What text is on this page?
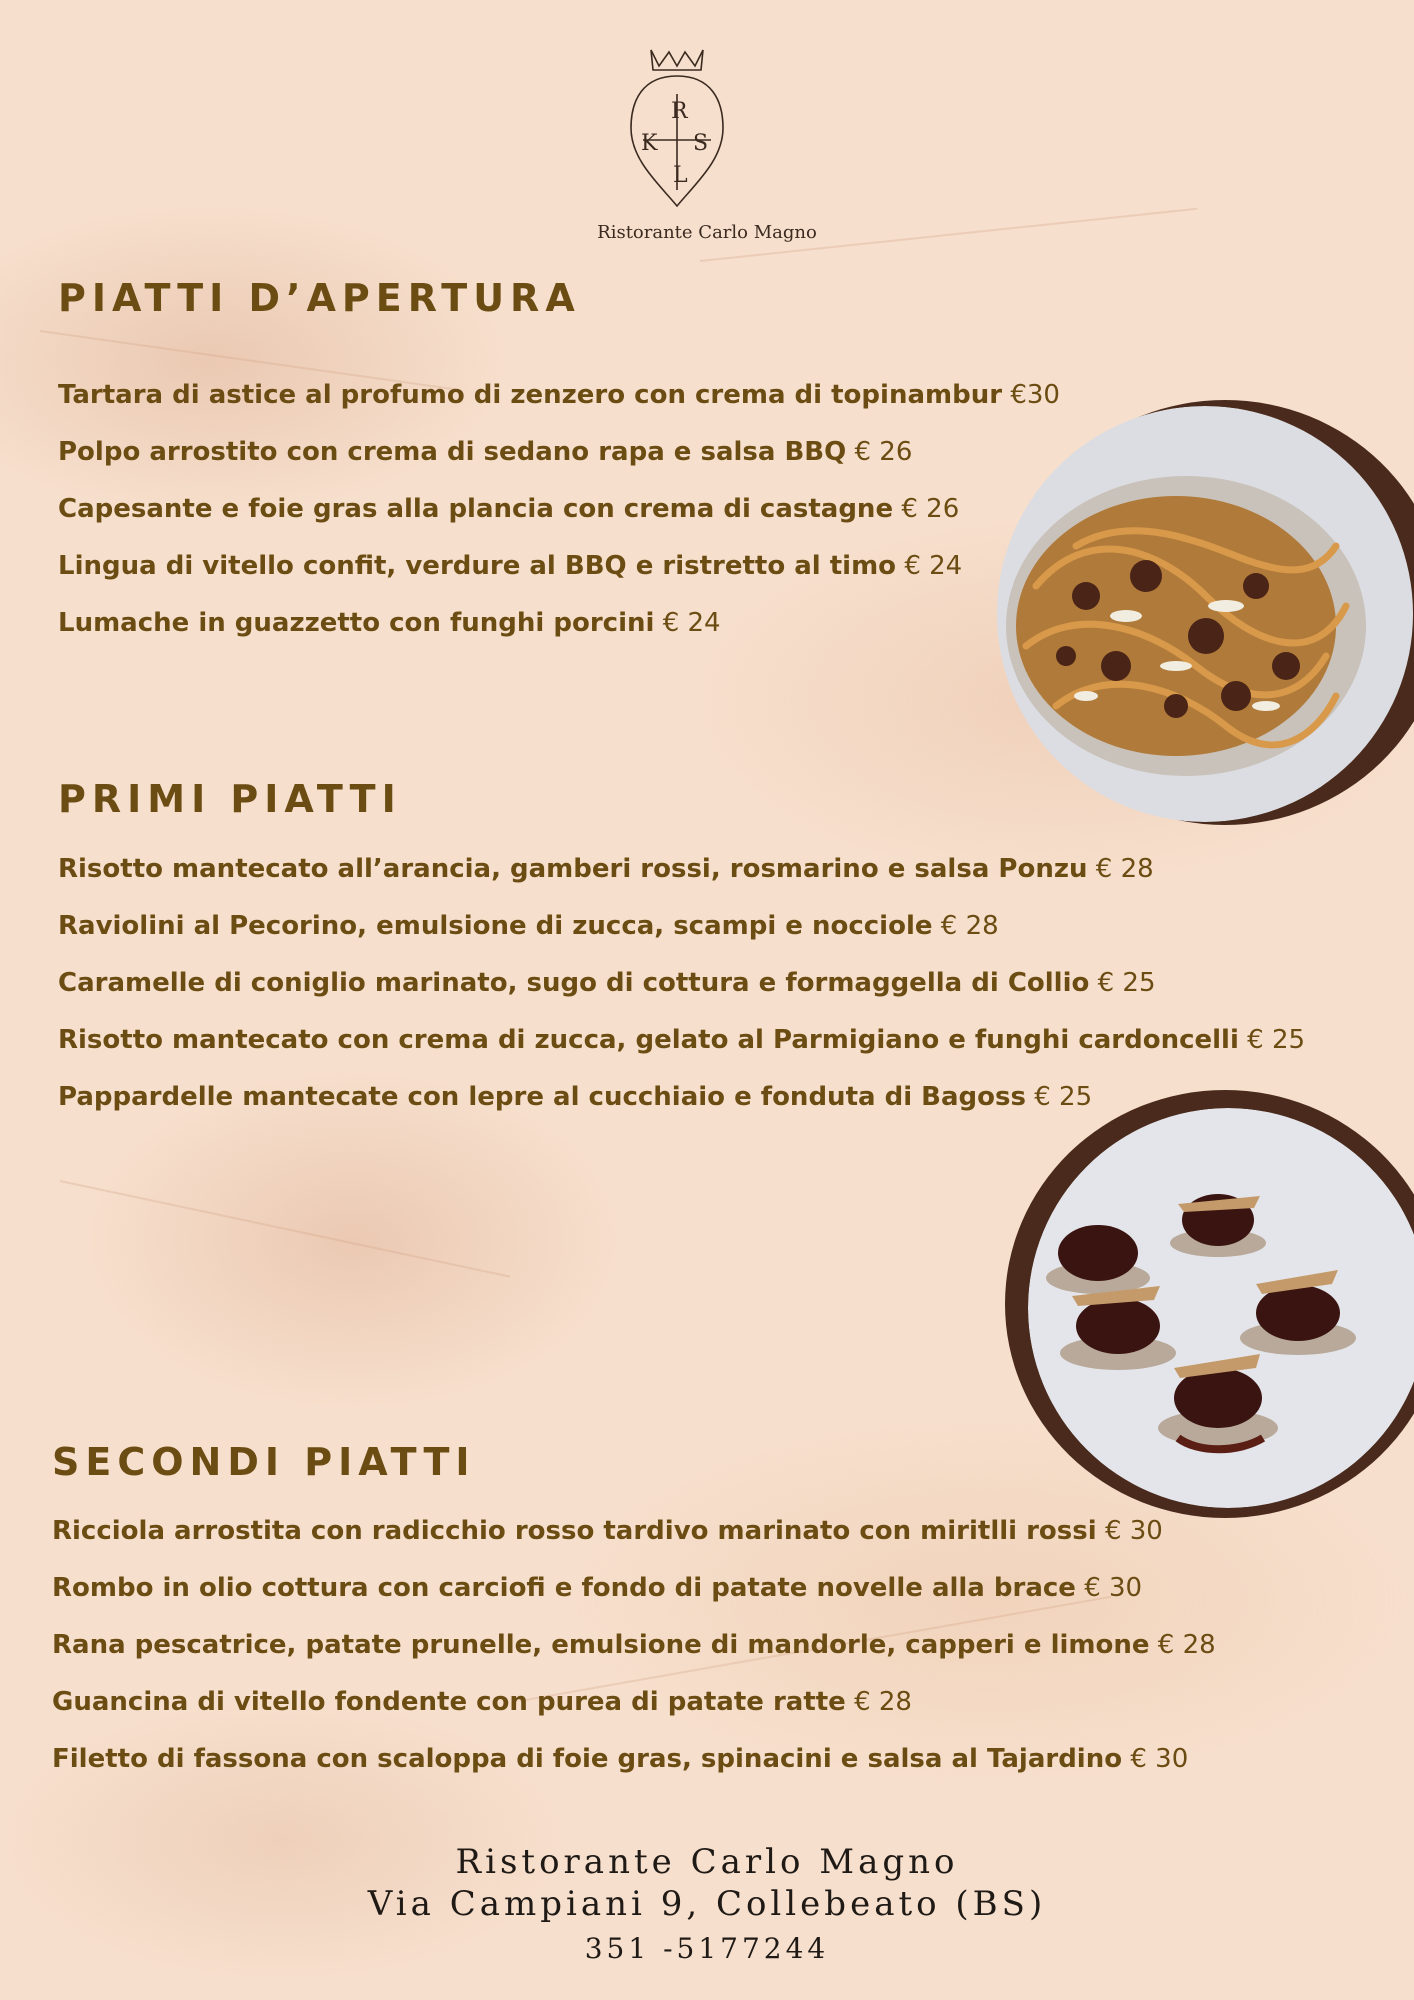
R
K S
L
Ristorante Carlo Magno
PIATTI D’APERTURA
Tartara di astice al profumo di zenzero con crema di topinambur €30
Polpo arrostito con crema di sedano rapa e salsa BBQ € 26
Capesante e foie gras alla plancia con crema di castagne € 26
Lingua di vitello confit, verdure al BBQ e ristretto al timo € 24
Lumache in guazzetto con funghi porcini € 24
PRIMI PIATTI
Risotto mantecato all’arancia, gamberi rossi, rosmarino e salsa Ponzu € 28
Raviolini al Pecorino, emulsione di zucca, scampi e nocciole € 28
Caramelle di coniglio marinato, sugo di cottura e formaggella di Collio € 25
Risotto mantecato con crema di zucca, gelato al Parmigiano e funghi cardoncelli € 25
Pappardelle mantecate con lepre al cucchiaio e fonduta di Bagoss € 25
SECONDI PIATTI
Ricciola arrostita con radicchio rosso tardivo marinato con miritlli rossi € 30
Rombo in olio cottura con carciofi e fondo di patate novelle alla brace € 30
Rana pescatrice, patate prunelle, emulsione di mandorle, capperi e limone € 28
Guancina di vitello fondente con purea di patate ratte € 28
Filetto di fassona con scaloppa di foie gras, spinacini e salsa al Tajardino € 30
Ristorante Carlo Magno
Via Campiani 9, Collebeato (BS)
351 -5177244
